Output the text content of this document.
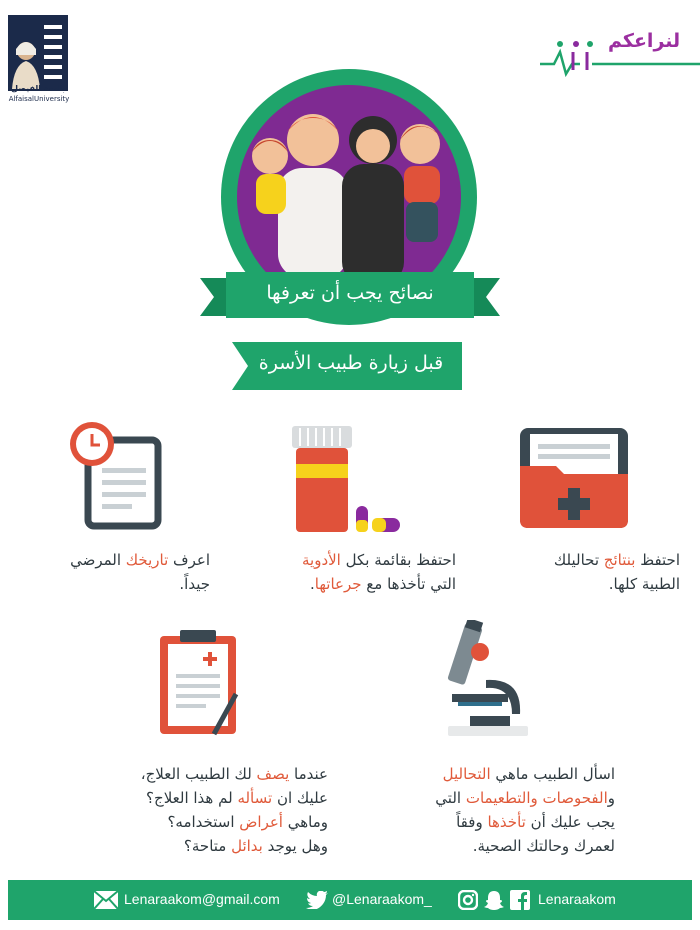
جامعة الفيصل
AlfaisalUniversity
لنراعكم
نصائح يجب أن تعرفها
قبل زيارة طبيب الأسرة
احتفظ بنتائج تحاليلك
الطبية كلها.
احتفظ بقائمة بكل الأدوية
التي تأخذها مع جرعاتها.
اعرف تاريخك المرضي
جيداً.
اسأل الطبيب ماهي التحاليل
والفحوصات والتطعيمات التي
يجب عليك أن تأخذها وفقاً
لعمرك وحالتك الصحية.
عندما يصف لك الطبيب العلاج،
عليك ان تسأله لم هذا العلاج؟
وماهي أعراض استخدامه؟
وهل يوجد بدائل متاحة؟
Lenaraakom@gmail.com	@Lenaraakom_	Lenaraakom
